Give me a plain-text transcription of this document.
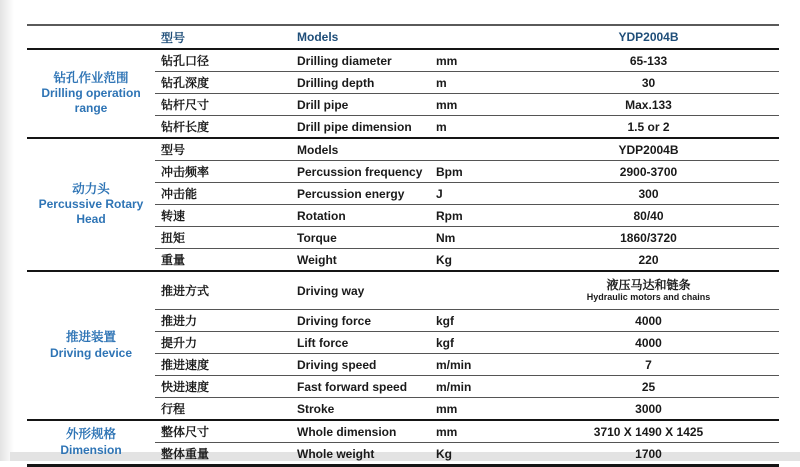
	型号	Models		YDP2004B

钻孔作业范围
Drilling operation range	钻孔口径	Drilling diameter	mm	65-133
	钻孔深度	Drilling depth	m	30
	钻杆尺寸	Drill pipe	mm	Max.133
	钻杆长度	Drill pipe dimension	m	1.5 or 2

动力头
Percussive Rotary Head	型号	Models		YDP2004B
	冲击频率	Percussion frequency	Bpm	2900-3700
	冲击能	Percussion energy	J	300
	转速	Rotation	Rpm	80/40
	扭矩	Torque	Nm	1860/3720
	重量	Weight	Kg	220

推进装置
Driving device
	推进方式	Driving way		液压马达和链条
Hydraulic motors and chains

	推进力	Driving force	kgf	4000
	提升力	Lift force	kgf	4000
	推进速度	Driving speed	m/min	7
	快进速度	Fast forward speed	m/min	25
	行程	Stroke	mm	3000

外形规格
Dimension	整体尺寸	Whole dimension	mm	3710 X 1490 X 1425
	整体重量	Whole weight	Kg	1700
